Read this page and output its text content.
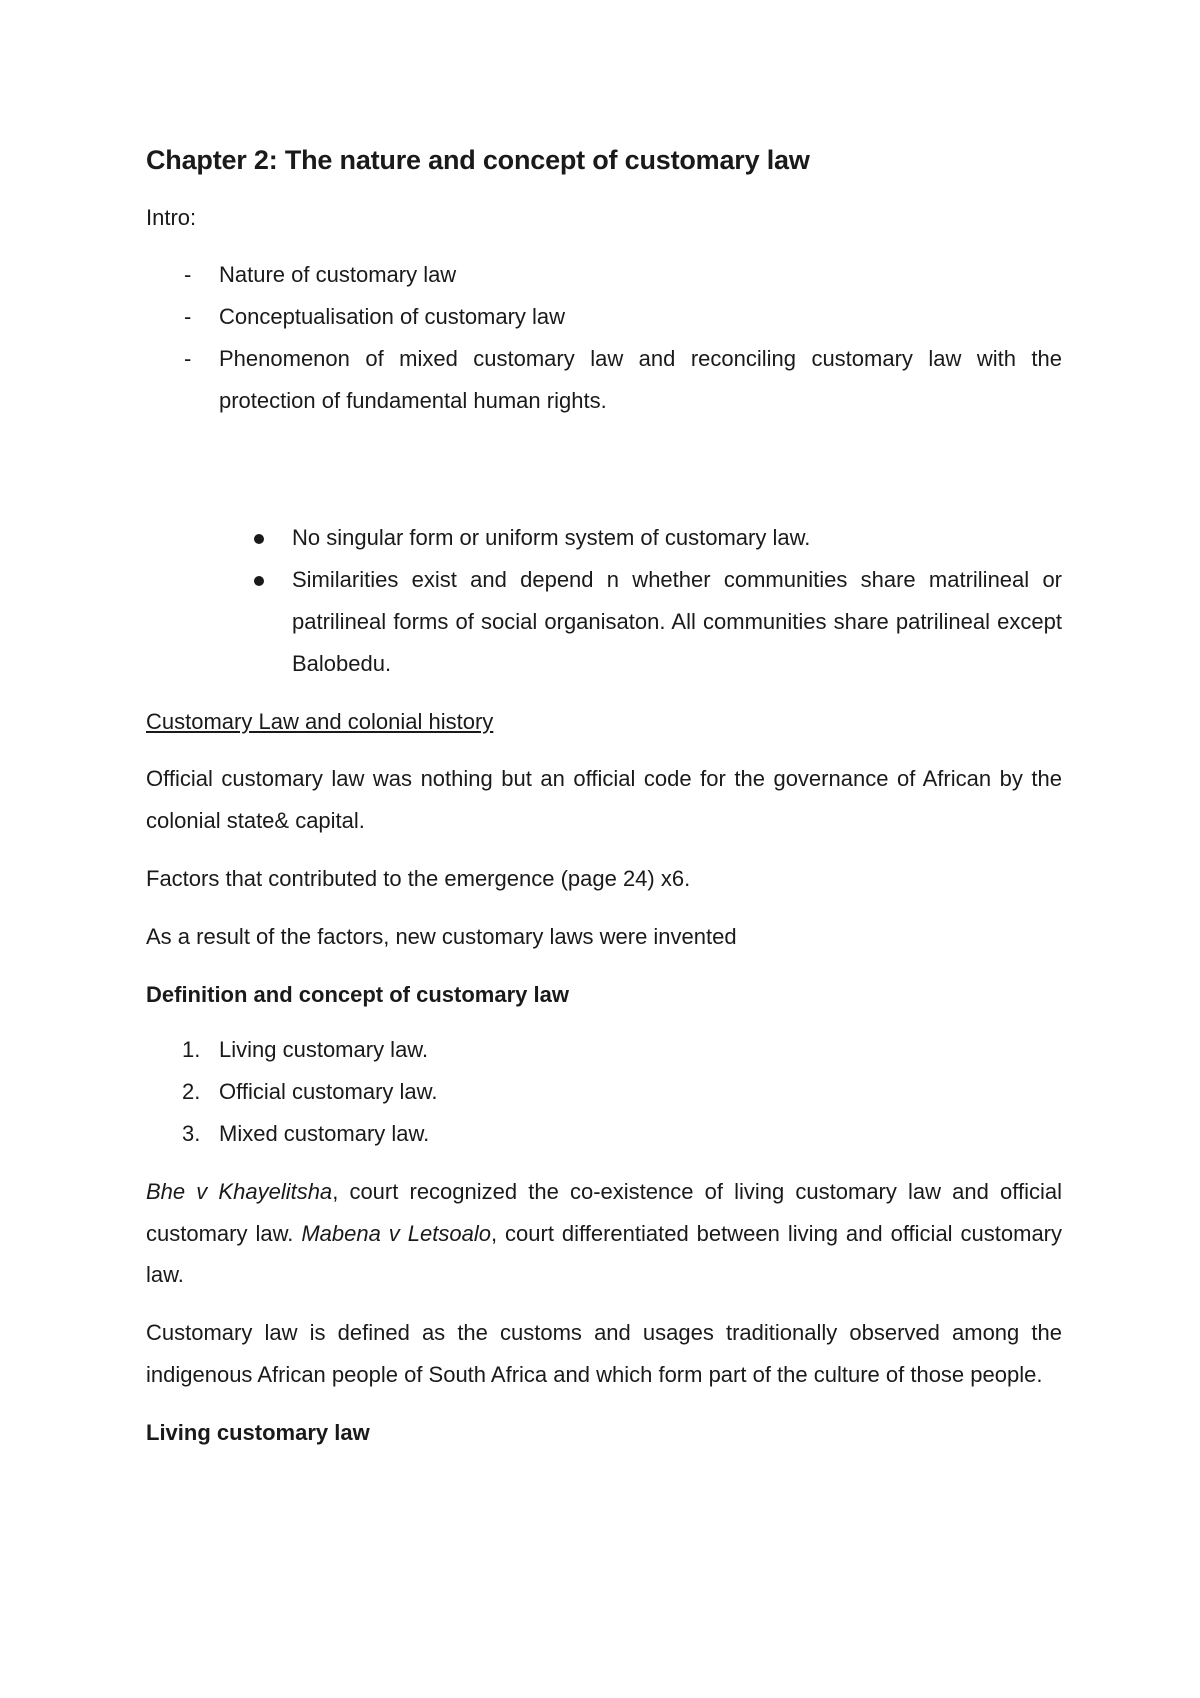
Chapter 2: The nature and concept of customary law

Intro:

- Nature of customary law
- Conceptualisation of customary law
- Phenomenon of mixed customary law and reconciling customary law with the protection of fundamental human rights.
No singular form or uniform system of customary law.
Similarities exist and depend n whether communities share matrilineal or patrilineal forms of social organisaton. All communities share patrilineal except Balobedu.

Customary Law and colonial history

Official customary law was nothing but an official code for the governance of African by the colonial state& capital.

Factors that contributed to the emergence (page 24) x6.

As a result of the factors, new customary laws were invented

Definition and concept of customary law
1. Living customary law.
2. Official customary law.
3. Mixed customary law.

Bhe v Khayelitsha, court recognized the co-existence of living customary law and official customary law. Mabena v Letsoalo, court differentiated between living and official customary law.

Customary law is defined as the customs and usages traditionally observed among the indigenous African people of South Africa and which form part of the culture of those people.

Living customary law
